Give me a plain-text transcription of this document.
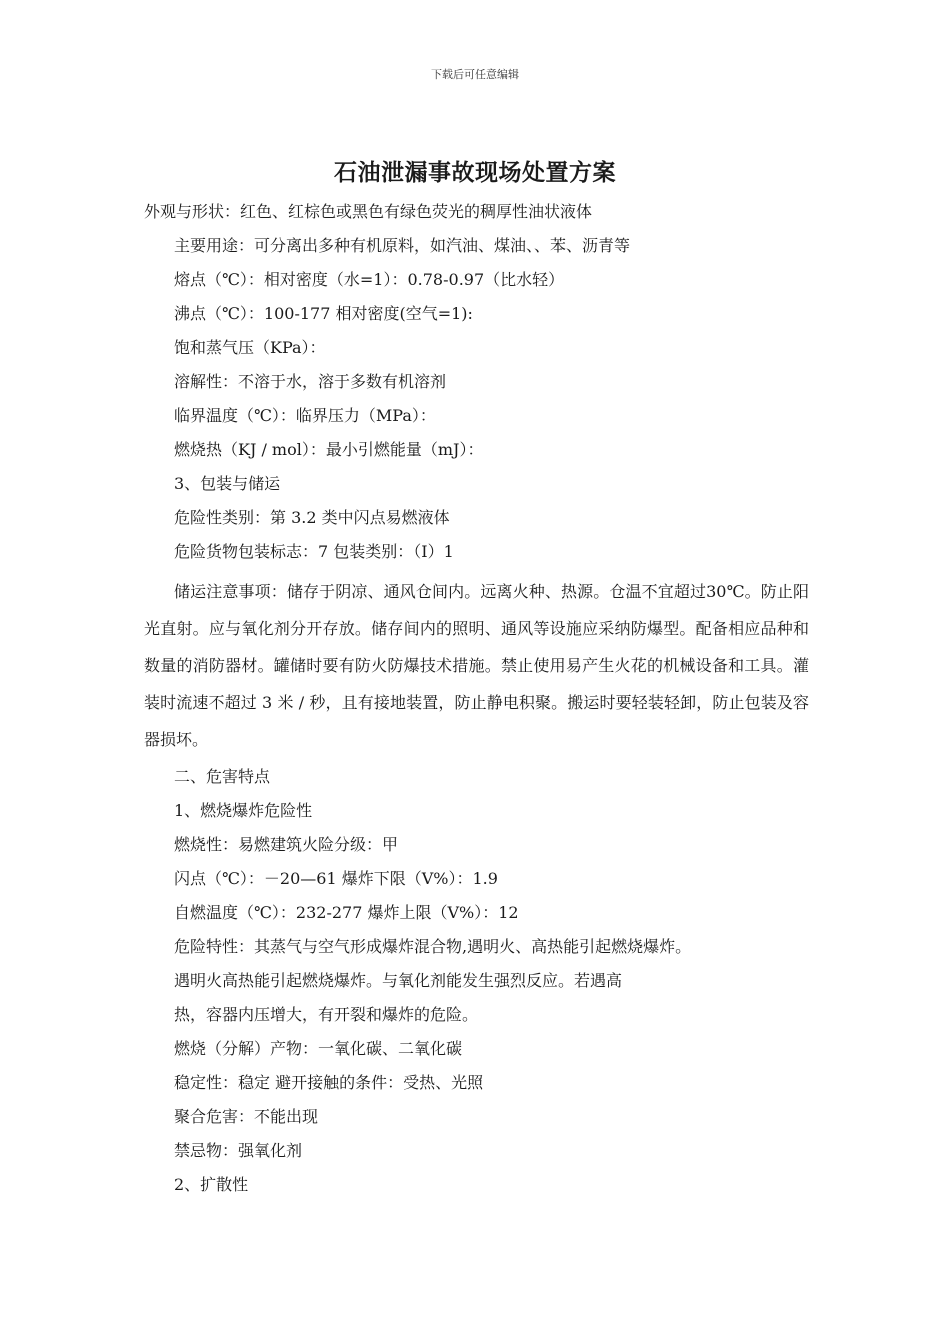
下载后可任意编辑
石油泄漏事故现场处置方案
外观与形状：红色、红棕色或黑色有绿色荧光的稠厚性油状液体
主要用途：可分离出多种有机原料，如汽油、煤油、、苯、沥青等
熔点（℃）：相对密度（水=1）：0.78-0.97（比水轻）
沸点（℃）：100-177 相对密度(空气=1):
饱和蒸气压（KPa）：
溶解性：不溶于水，溶于多数有机溶剂
临界温度（℃）：临界压力（MPa）：
燃烧热（KJ / mol）：最小引燃能量（mJ）：
3、包装与储运
危险性类别：第 3.2 类中闪点易燃液体
危险货物包装标志：7 包装类别：（I）1

储运注意事项：储存于阴凉、通风仓间内。远离火种、热源。仓温不宜超过30℃。防止阳光直射。应与氧化剂分开存放。储存间内的照明、通风等设施应采纳防爆型。配备相应品种和数量的消防器材。罐储时要有防火防爆技术措施。禁止使用易产生火花的机械设备和工具。灌装时流速不超过 3 米 / 秒，且有接地装置，防止静电积聚。搬运时要轻装轻卸，防止包装及容器损坏。

二、危害特点
1、燃烧爆炸危险性
燃烧性：易燃建筑火险分级：甲
闪点（℃）：－20—61 爆炸下限（V%）：1.9
自燃温度（℃）：232-277 爆炸上限（V%）：12
危险特性：其蒸气与空气形成爆炸混合物,遇明火、高热能引起燃烧爆炸。
遇明火高热能引起燃烧爆炸。与氧化剂能发生强烈反应。若遇高
热，容器内压增大，有开裂和爆炸的危险。
燃烧（分解）产物：一氧化碳、二氧化碳
稳定性：稳定 避开接触的条件：受热、光照
聚合危害：不能出现
禁忌物：强氧化剂
2、扩散性
